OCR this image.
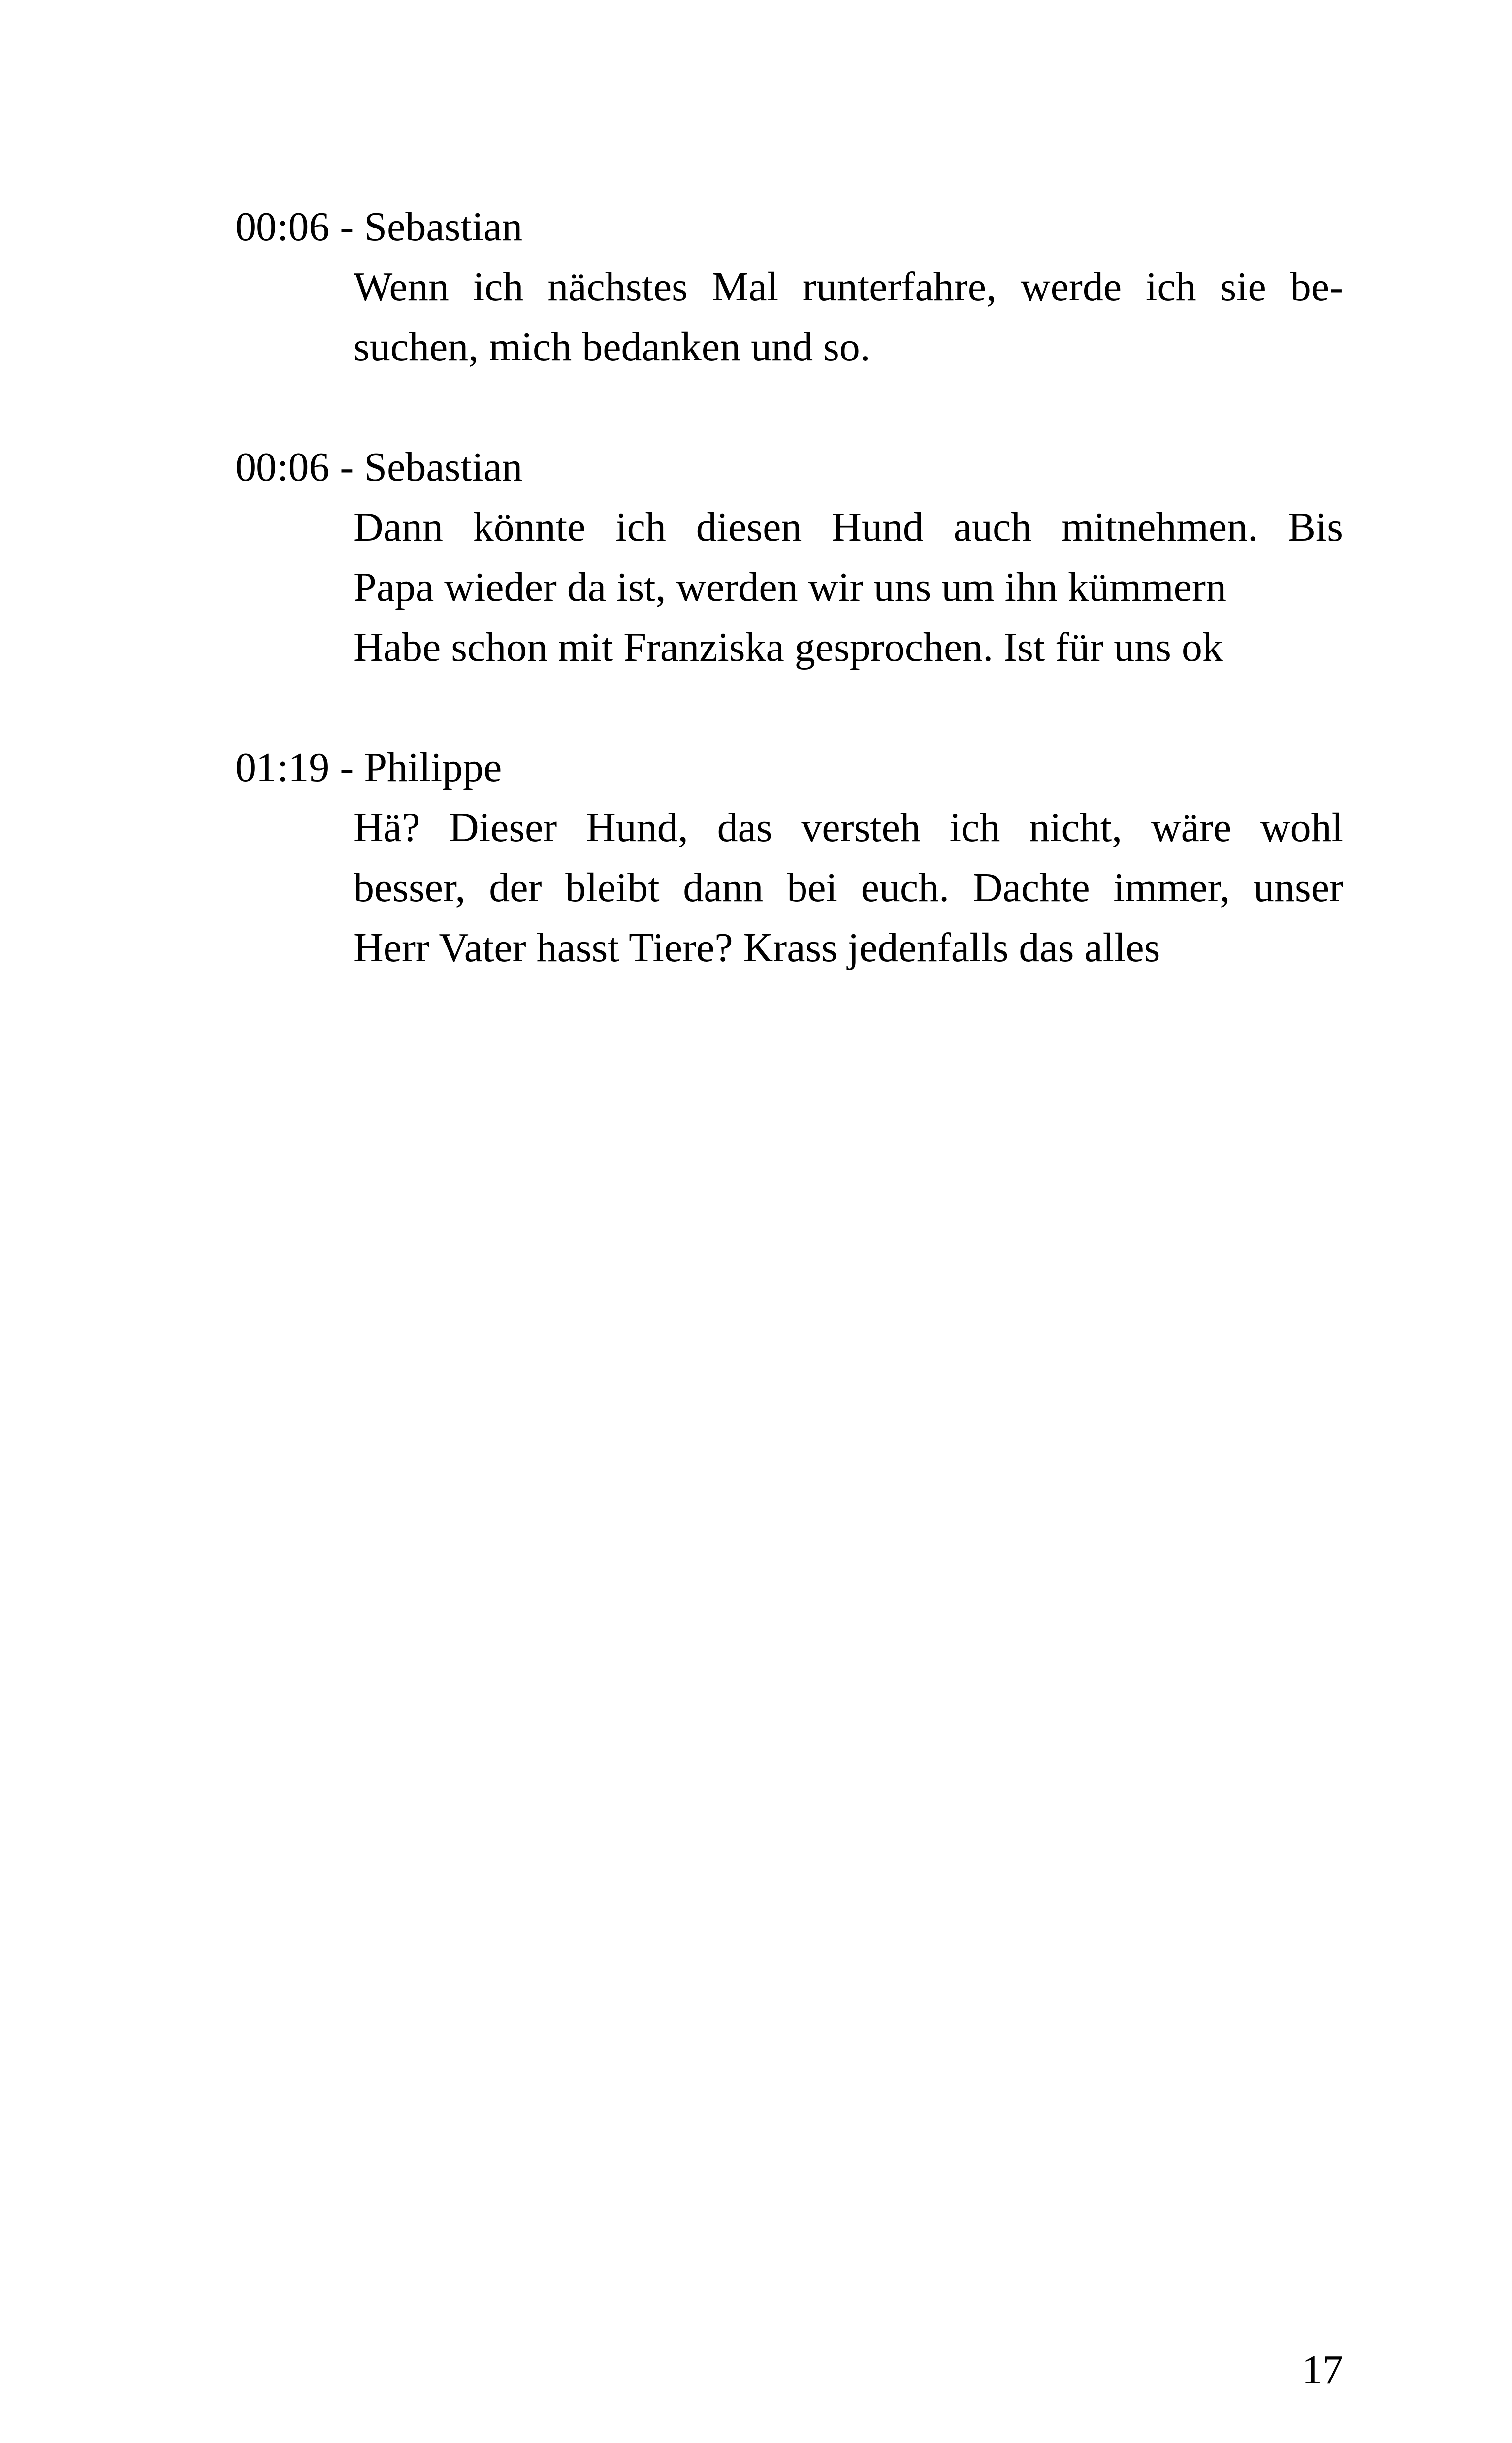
00:06 - Sebastian
Wenn ich nächstes Mal runterfahre, werde ich sie be-
suchen, mich bedanken und so.
00:06 - Sebastian
Dann könnte ich diesen Hund auch mitnehmen. Bis
Papa wieder da ist, werden wir uns um ihn kümmern
Habe schon mit Franziska gesprochen. Ist für uns ok
01:19 - Philippe
Hä? Dieser Hund, das versteh ich nicht, wäre wohl
besser, der bleibt dann bei euch. Dachte immer, unser
Herr Vater hasst Tiere? Krass jedenfalls das alles
17
